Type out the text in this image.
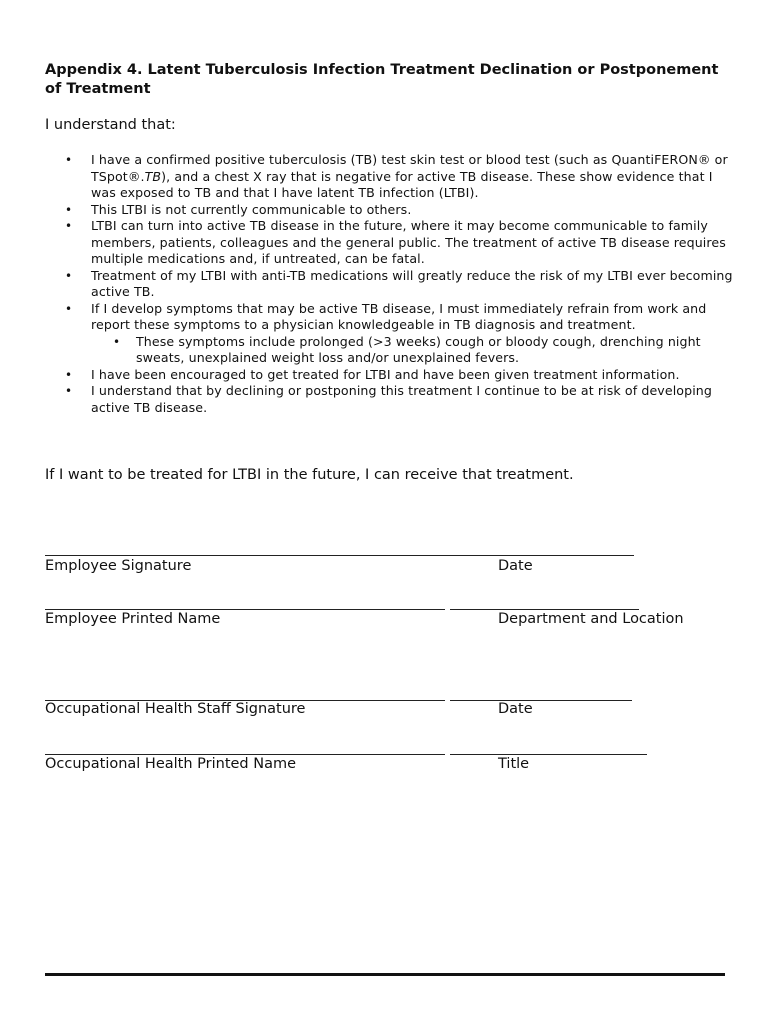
Appendix 4. Latent Tuberculosis Infection Treatment Declination or Postponement of Treatment
I understand that:
• I have a confirmed positive tuberculosis (TB) test skin test or blood test (such as QuantiFERON® or TSpot®.TB), and a chest X ray that is negative for active TB disease. These show evidence that I was exposed to TB and that I have latent TB infection (LTBI).
• This LTBI is not currently communicable to others.
• LTBI can turn into active TB disease in the future, where it may become communicable to family members, patients, colleagues and the general public. The treatment of active TB disease requires multiple medications and, if untreated, can be fatal.
• Treatment of my LTBI with anti-TB medications will greatly reduce the risk of my LTBI ever becoming active TB.
• If I develop symptoms that may be active TB disease, I must immediately refrain from work and report these symptoms to a physician knowledgeable in TB diagnosis and treatment.
• These symptoms include prolonged (>3 weeks) cough or bloody cough, drenching night sweats, unexplained weight loss and/or unexplained fevers.
• I have been encouraged to get treated for LTBI and have been given treatment information.
• I understand that by declining or postponing this treatment I continue to be at risk of developing active TB disease.
If I want to be treated for LTBI in the future, I can receive that treatment.
Employee Signature	Date
Employee Printed Name	Department and Location
Occupational Health Staff Signature	Date
Occupational Health Printed Name	Title
